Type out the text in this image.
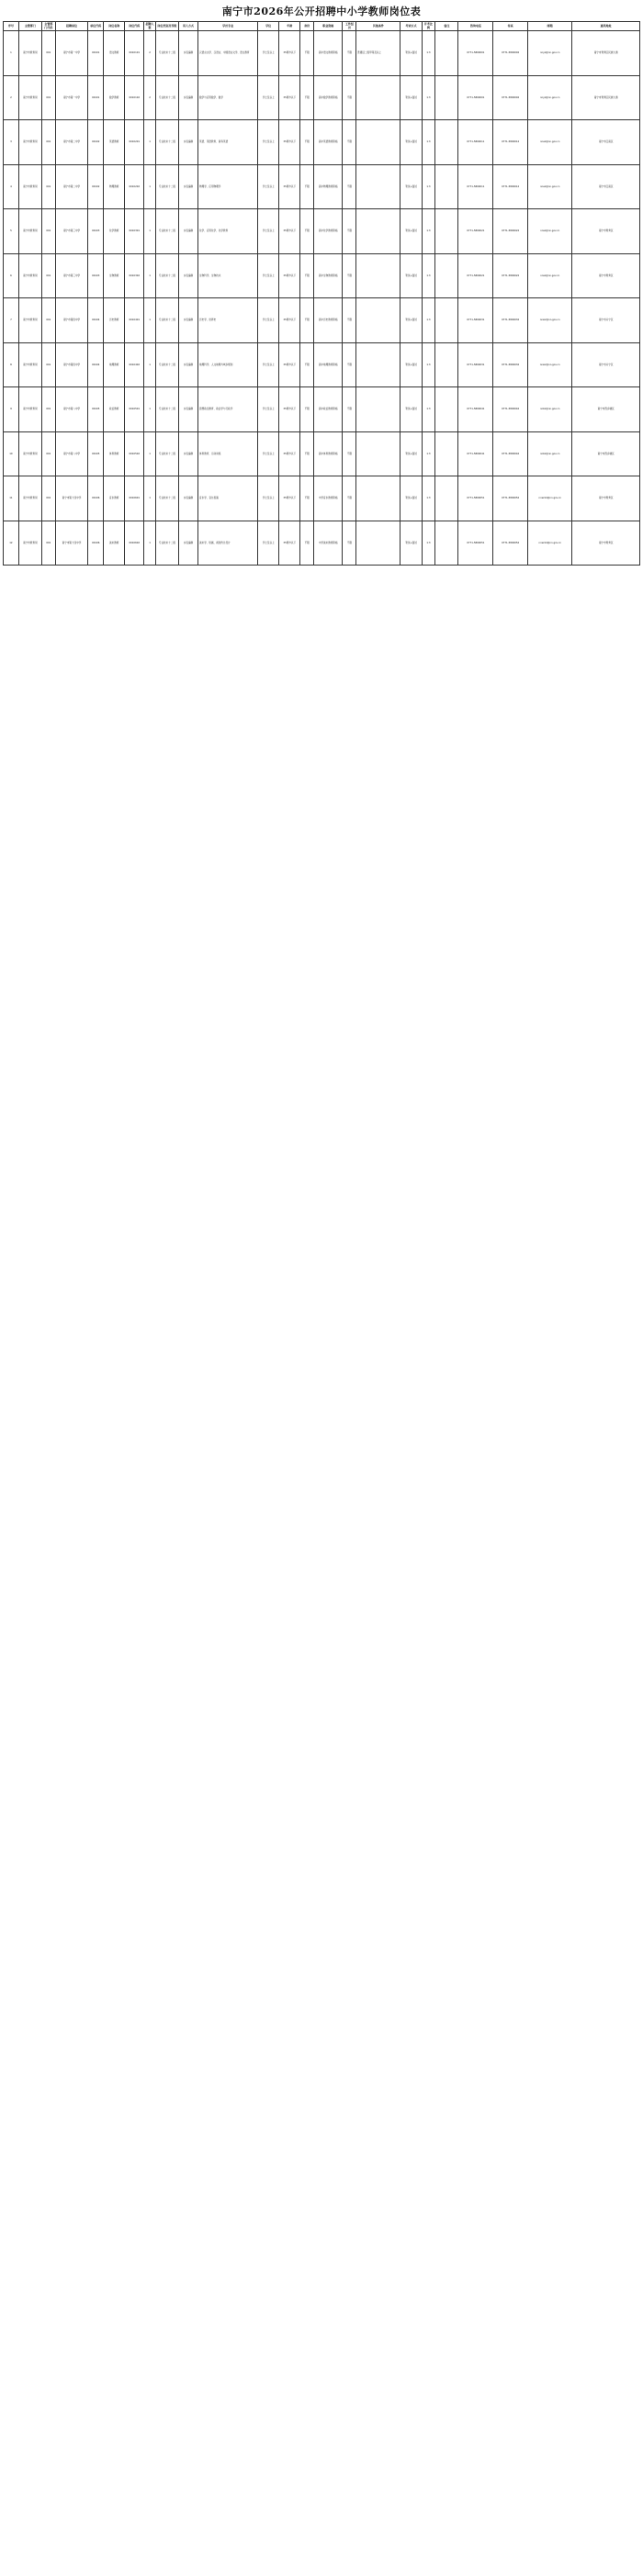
南宁市2026年公开招聘中小学教师岗位表
序号	主管部门	主管部门代码	招聘单位	单位代码	岗位名称	岗位代码	招聘人数	岗位类别及等级	用人方式	学历专业	学位	年龄	身份	职业资格	工作经历	其他条件	考试方式	开考比例	备注	咨询电话	传真	邮箱	通讯地址
1	南宁市教育局	001	南宁市第一中学	00101	语文教师	0010101	2	专业技术十二级	实名编制	汉语言文学、汉语言、中国语言文学、语文教育	学士及以上	35周岁以下	不限	高中语文教师资格	不限	普通话二级甲等及以上	笔试+面试	1:3		0771-5800001	0771-5800002	nnyz@nn.gov.cn	南宁市青秀区民族大道
2	南宁市教育局	001	南宁市第一中学	00101	数学教师	0010102	2	专业技术十二级	实名编制	数学与应用数学、数学	学士及以上	35周岁以下	不限	高中数学教师资格	不限		笔试+面试	1:3		0771-5800001	0771-5800002	nnyz@nn.gov.cn	南宁市青秀区民族大道
3	南宁市教育局	001	南宁市第二中学	00102	英语教师	0010201	1	专业技术十二级	实名编制	英语、英语教育、商务英语	学士及以上	35周岁以下	不限	高中英语教师资格	不限		笔试+面试	1:3		0771-5800011	0771-5800012	nnez@nn.gov.cn	南宁市江南区
4	南宁市教育局	001	南宁市第二中学	00102	物理教师	0010202	1	专业技术十二级	实名编制	物理学、应用物理学	学士及以上	35周岁以下	不限	高中物理教师资格	不限		笔试+面试	1:3		0771-5800011	0771-5800012	nnez@nn.gov.cn	南宁市江南区
5	南宁市教育局	001	南宁市第三中学	00103	化学教师	0010301	1	专业技术十二级	实名编制	化学、应用化学、化学教育	学士及以上	35周岁以下	不限	高中化学教师资格	不限		笔试+面试	1:3		0771-5800021	0771-5800022	nnsz@nn.gov.cn	南宁市青秀区
6	南宁市教育局	001	南宁市第三中学	00103	生物教师	0010302	1	专业技术十二级	实名编制	生物科学、生物技术	学士及以上	35周岁以下	不限	高中生物教师资格	不限		笔试+面试	1:3		0771-5800021	0771-5800022	nnsz@nn.gov.cn	南宁市青秀区
7	南宁市教育局	001	南宁市第四中学	00104	历史教师	0010401	1	专业技术十二级	实名编制	历史学、世界史	学士及以上	35周岁以下	不限	高中历史教师资格	不限		笔试+面试	1:3		0771-5800031	0771-5800032	nnsiz@nn.gov.cn	南宁市兴宁区
8	南宁市教育局	001	南宁市第四中学	00104	地理教师	0010402	1	专业技术十二级	实名编制	地理科学、人文地理与城乡规划	学士及以上	35周岁以下	不限	高中地理教师资格	不限		笔试+面试	1:3		0771-5800031	0771-5800032	nnsiz@nn.gov.cn	南宁市兴宁区
9	南宁市教育局	001	南宁市第八中学	00105	政治教师	0010501	1	专业技术十二级	实名编制	思想政治教育、政治学与行政学	学士及以上	35周岁以下	不限	高中政治教师资格	不限		笔试+面试	1:3		0771-5800041	0771-5800042	nnbz@nn.gov.cn	南宁市西乡塘区
10	南宁市教育局	001	南宁市第八中学	00105	体育教师	0010502	1	专业技术十二级	实名编制	体育教育、运动训练	学士及以上	35周岁以下	不限	高中体育教师资格	不限		笔试+面试	1:3		0771-5800041	0771-5800042	nnbz@nn.gov.cn	南宁市西乡塘区
11	南宁市教育局	001	南宁市第十四中学	00106	音乐教师	0010601	1	专业技术十二级	实名编制	音乐学、音乐表演	学士及以上	35周岁以下	不限	中学音乐教师资格	不限		笔试+面试	1:3		0771-5800051	0771-5800052	nnsz14@nn.gov.cn	南宁市青秀区
12	南宁市教育局	001	南宁市第十四中学	00106	美术教师	0010602	1	专业技术十二级	实名编制	美术学、绘画、视觉传达设计	学士及以上	35周岁以下	不限	中学美术教师资格	不限		笔试+面试	1:3		0771-5800051	0771-5800052	nnsz14@nn.gov.cn	南宁市青秀区
